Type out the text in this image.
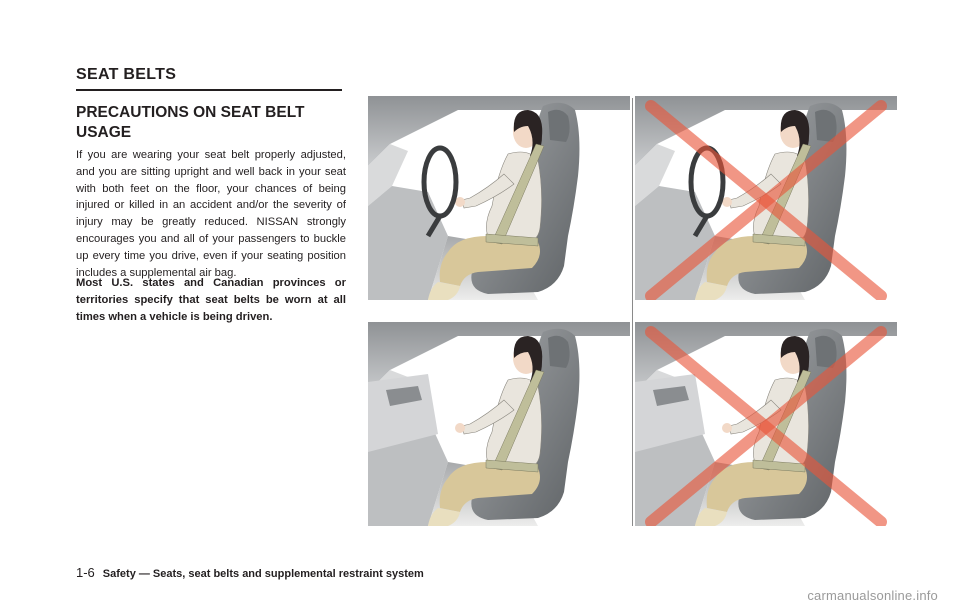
SEAT BELTS
PRECAUTIONS ON SEAT BELT USAGE

If you are wearing your seat belt properly adjusted, and you are sitting upright and well back in your seat with both feet on the floor, your chances of being injured or killed in an accident and/or the severity of injury may be greatly reduced. NISSAN strongly encourages you and all of your passengers to buckle up every time you drive, even if your seating position includes a supplemental air bag.

Most U.S. states and Canadian provinces or territories specify that seat belts be worn at all times when a vehicle is being driven.

1-6 Safety — Seats, seat belts and supplemental restraint system
carmanualsonline.info
